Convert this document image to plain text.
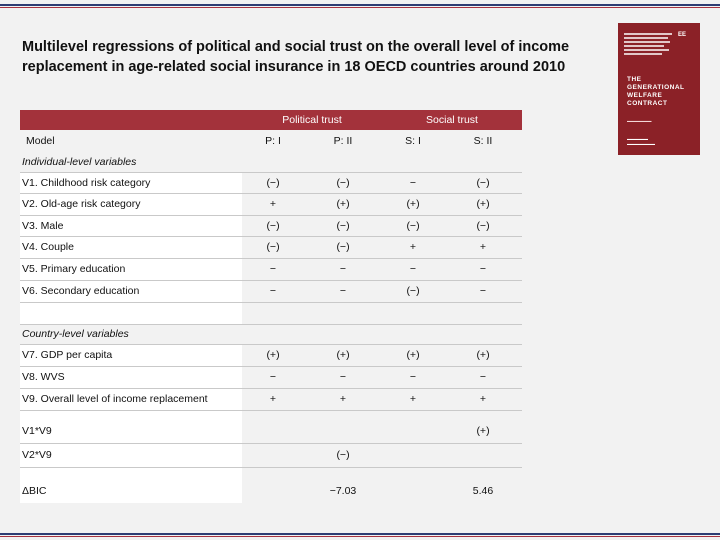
Multilevel regressions of political and social trust on the overall level of income replacement in age-related social insurance in 18 OECD countries around 2010
EE
THE GENERATIONAL WELFARE CONTRACT
▬▬▬▬▬▬▬
▬▬▬▬▬▬
▬▬▬▬▬▬▬▬
		Political trust				Social trust			
Model		P: I		P: II		S: I		S: II	
Individual-level variables									
V1. Childhood risk category		(−)		(−)		−		(−)	
V2. Old-age risk category		+		(+)		(+)		(+)	
V3. Male		(−)		(−)		(−)		(−)	
V4. Couple		(−)		(−)		+		+	
V5. Primary education		−		−		−		−	
V6. Secondary education		−		−		(−)		−	

Country-level variables									
V7. GDP per capita		(+)		(+)		(+)		(+)	
V8. WVS		−		−		−		−	
V9. Overall level of income replacement		+		+		+		+	

V1*V9								(+)	
V2*V9				(−)					

ΔBIC				−7.03				5.46	
